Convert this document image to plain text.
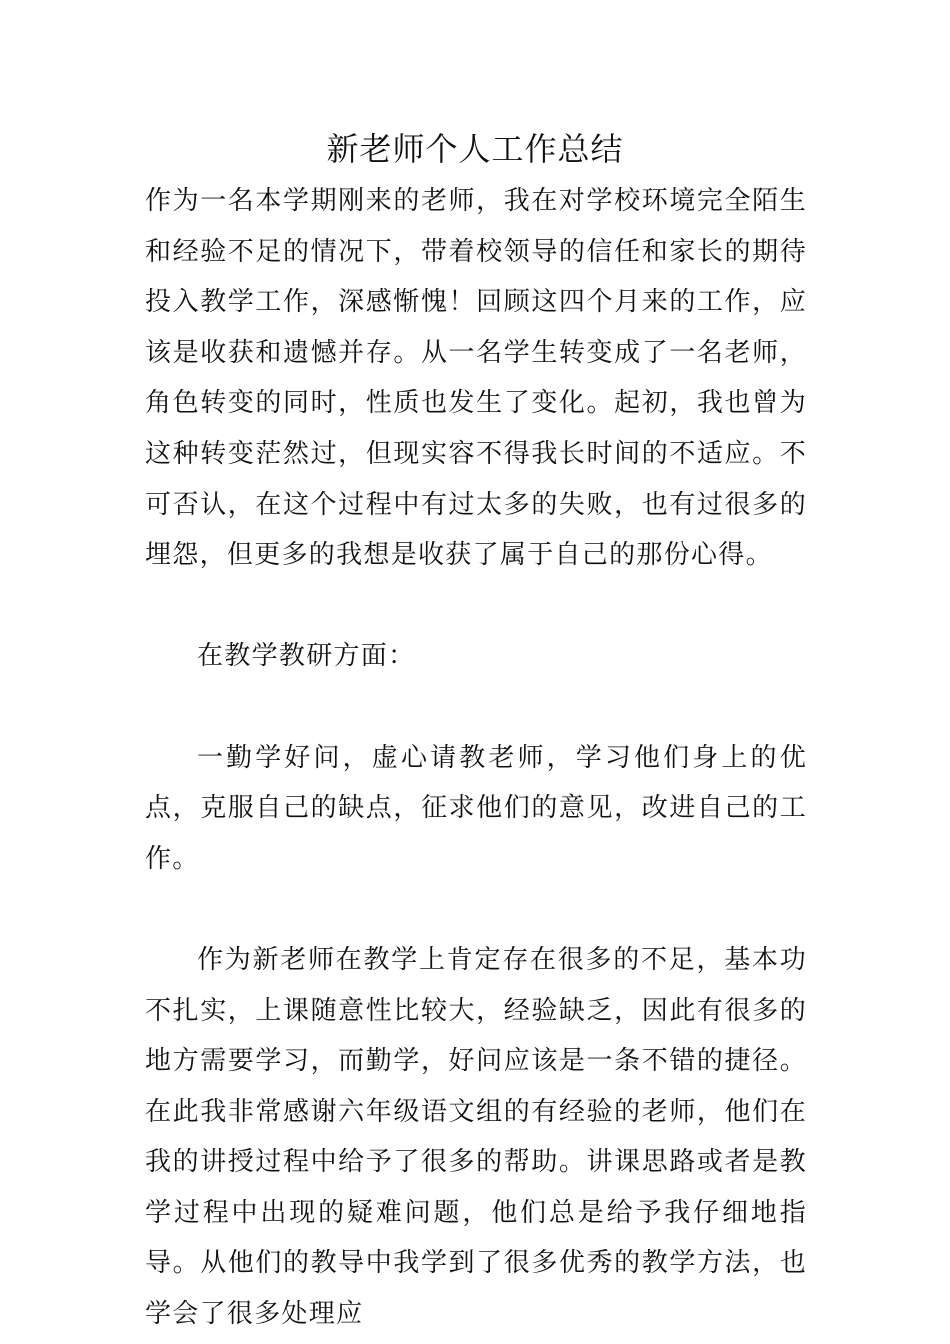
新老师个人工作总结

作为一名本学期刚来的老师，我在对学校环境完全陌生和经验不足的情况下，带着校领导的信任和家长的期待投入教学工作，深感惭愧！回顾这四个月来的工作，应该是收获和遗憾并存。从一名学生转变成了一名老师，角色转变的同时，性质也发生了变化。起初，我也曾为这种转变茫然过，但现实容不得我长时间的不适应。不可否认，在这个过程中有过太多的失败，也有过很多的埋怨，但更多的我想是收获了属于自己的那份心得。

在教学教研方面：

一勤学好问，虚心请教老师，学习他们身上的优点，克服自己的缺点，征求他们的意见，改进自己的工作。

作为新老师在教学上肯定存在很多的不足，基本功不扎实，上课随意性比较大，经验缺乏，因此有很多的地方需要学习，而勤学，好问应该是一条不错的捷径。在此我非常感谢六年级语文组的有经验的老师，他们在我的讲授过程中给予了很多的帮助。讲课思路或者是教学过程中出现的疑难问题，他们总是给予我仔细地指导。从他们的教导中我学到了很多优秀的教学方法，也学会了很多处理应
